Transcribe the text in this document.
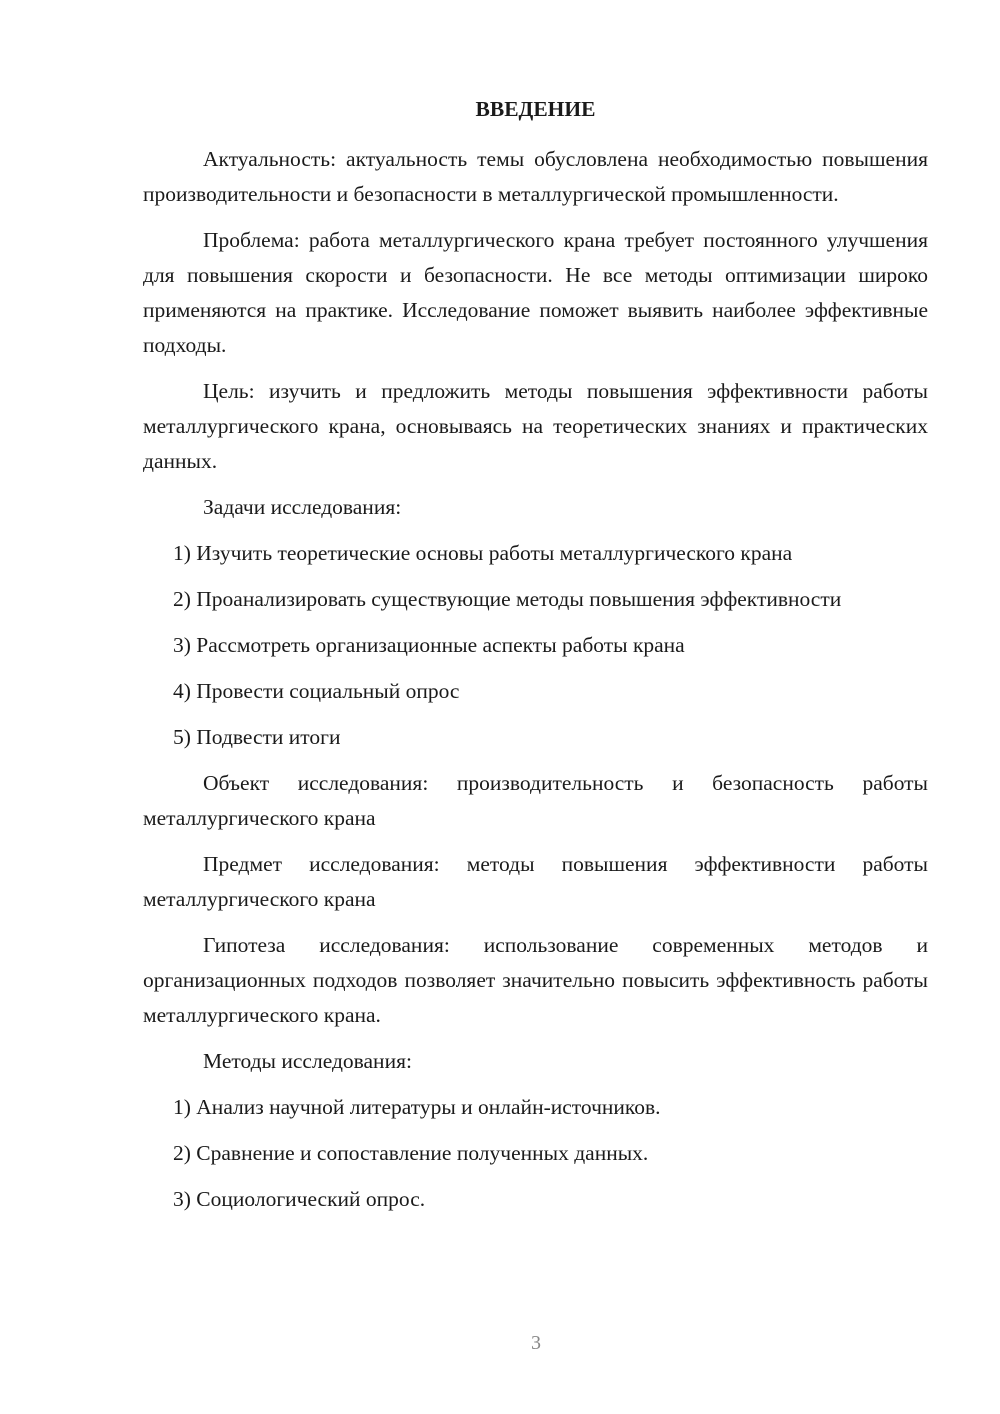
ВВЕДЕНИЕ

Актуальность: актуальность темы обусловлена необходимостью повышения производительности и безопасности в металлургической промышленности.

Проблема: работа металлургического крана требует постоянного улучшения для повышения скорости и безопасности. Не все методы оптимизации широко применяются на практике. Исследование поможет выявить наиболее эффективные подходы.

Цель: изучить и предложить методы повышения эффективности работы металлургического крана, основываясь на теоретических знаниях и практических данных.

Задачи исследования:

1) Изучить теоретические основы работы металлургического крана

2) Проанализировать существующие методы повышения эффективности

3) Рассмотреть организационные аспекты работы крана

4) Провести социальный опрос

5) Подвести итоги

Объект исследования: производительность и безопасность работы металлургического крана

Предмет исследования: методы повышения эффективности работы металлургического крана

Гипотеза исследования: использование современных методов и организационных подходов позволяет значительно повысить эффективность работы металлургического крана.

Методы исследования:

1) Анализ научной литературы и онлайн-источников.

2) Сравнение и сопоставление полученных данных.

3) Социологический опрос.

3
